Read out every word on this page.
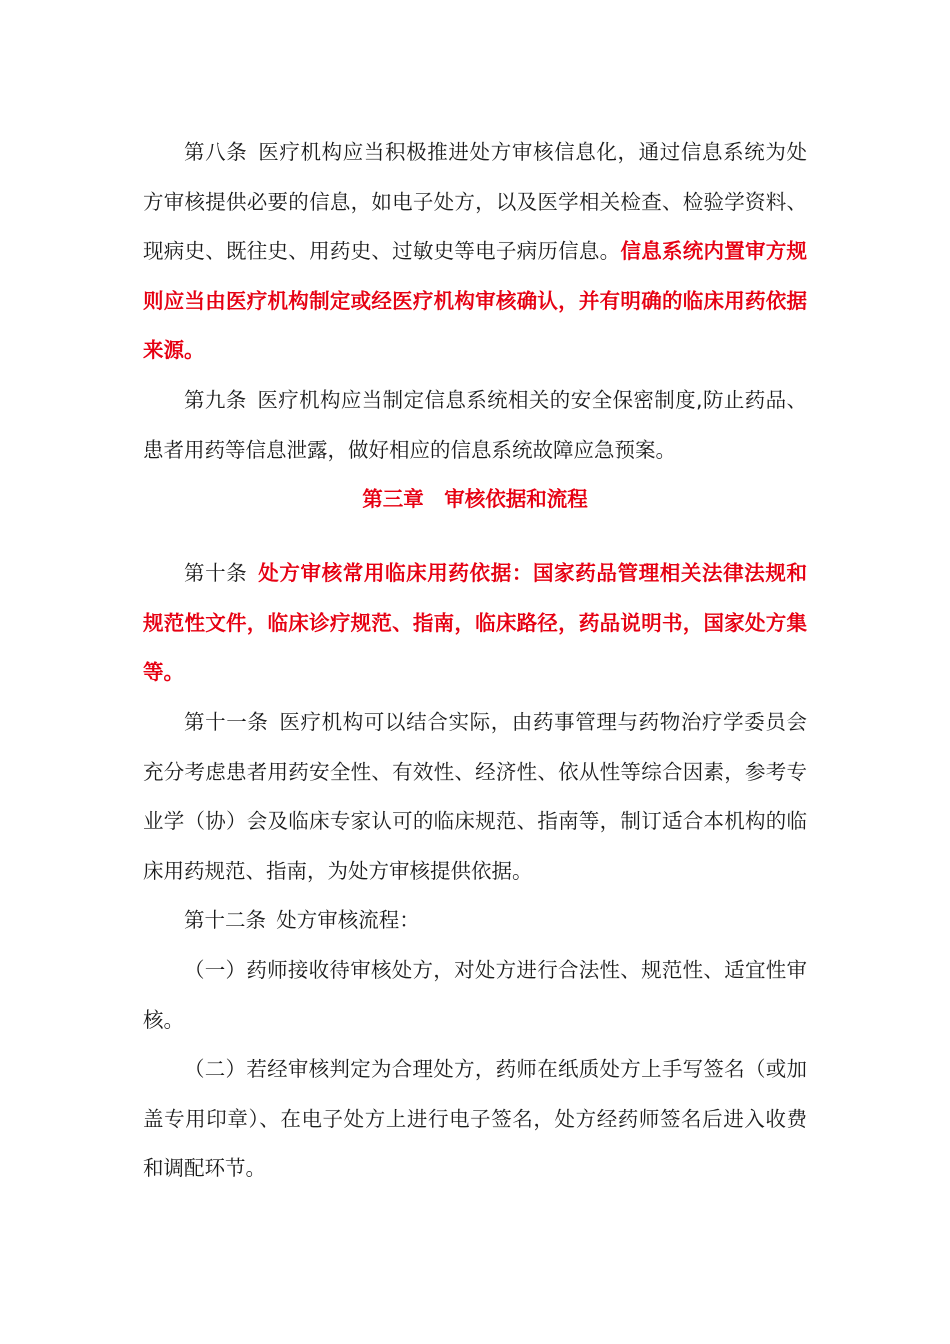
第八条 医疗机构应当积极推进处方审核信息化，通过信息系统为处方审核提供必要的信息，如电子处方，以及医学相关检查、检验学资料、现病史、既往史、用药史、过敏史等电子病历信息。信息系统内置审方规则应当由医疗机构制定或经医疗机构审核确认，并有明确的临床用药依据来源。

第九条 医疗机构应当制定信息系统相关的安全保密制度,防止药品、患者用药等信息泄露，做好相应的信息系统故障应急预案。

第三章 审核依据和流程

第十条 处方审核常用临床用药依据：国家药品管理相关法律法规和规范性文件，临床诊疗规范、指南，临床路径，药品说明书，国家处方集等。

第十一条 医疗机构可以结合实际，由药事管理与药物治疗学委员会充分考虑患者用药安全性、有效性、经济性、依从性等综合因素，参考专业学（协）会及临床专家认可的临床规范、指南等，制订适合本机构的临床用药规范、指南，为处方审核提供依据。

第十二条 处方审核流程：

（一）药师接收待审核处方，对处方进行合法性、规范性、适宜性审核。

（二）若经审核判定为合理处方，药师在纸质处方上手写签名（或加盖专用印章）、在电子处方上进行电子签名，处方经药师签名后进入收费和调配环节。
